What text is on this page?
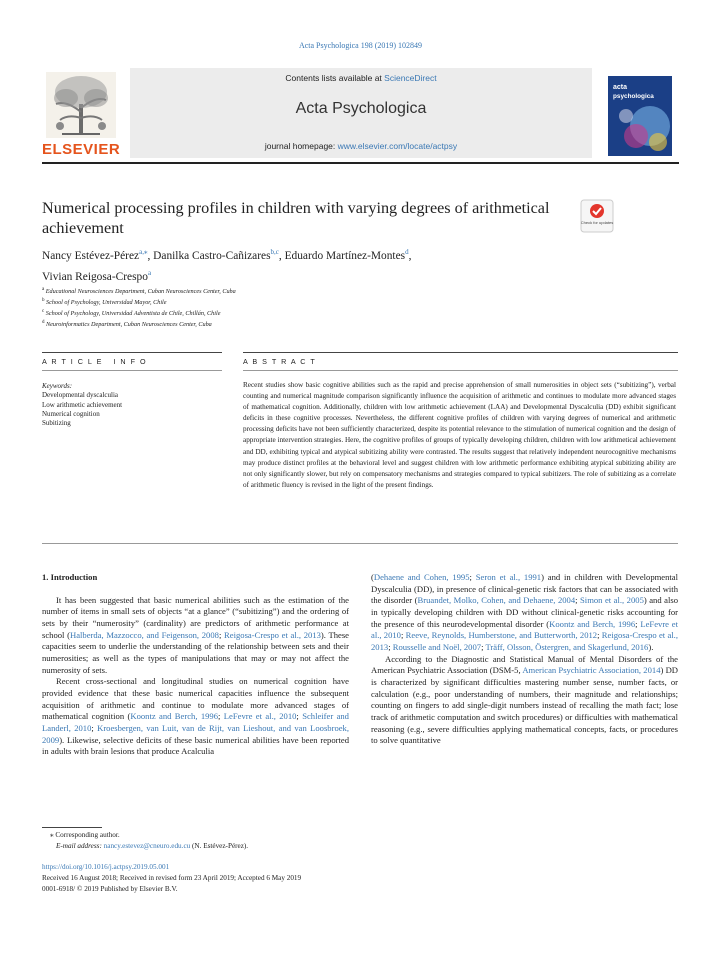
Acta Psychologica 198 (2019) 102849
Contents lists available at ScienceDirect
Acta Psychologica
journal homepage: www.elsevier.com/locate/actpsy
ELSEVIER
acta
psychologica
Numerical processing profiles in children with varying degrees of arithmetical achievement	Check for updates
Nancy Estévez-Pérez$^{a,⁎}$, Danilka Castro-Cañizares$^{b,c}$, Eduardo Martínez-Montes$^d$,
Vivian Reigosa-Crespo$^a$
$^a$ Educational Neurosciences Department, Cuban Neurosciences Center, Cuba
$^b$ School of Psychology, Universidad Mayor, Chile
$^c$ School of Psychology, Universidad Adventista de Chile, Chillán, Chile
$^d$ Neuroinformatics Department, Cuban Neurosciences Center, Cuba
A R T I C L E   I N F O	A B S T R A C T
Keywords:
Developmental dyscalculia
Low arithmetic achievement
Numerical cognition
Subitizing
Recent studies show basic cognitive abilities such as the rapid and precise apprehension of small numerosities in object sets (“subitizing”), verbal counting and numerical magnitude comparison significantly influence the acquisition of arithmetic and continues to modulate more advanced stages of mathematical cognition. Additionally, children with low arithmetic achievement (LAA) and Developmental Dyscalculia (DD) exhibit significant deficits in these cognitive processes. Nevertheless, the different cognitive profiles of children with varying degrees of numerical and arithmetic processing deficits have not been sufficiently characterized, despite its potential relevance to the stimulation of numerical cognition and the design of appropriate intervention strategies. Here, the cognitive profiles of groups of typically developing children, children with low arithmetical achievement and DD, exhibiting typical and atypical subitizing ability were contrasted. The results suggest that relatively independent neurocognitive mechanisms may produce distinct profiles at the behavioral level and suggest children with low arithmetic performance exhibiting atypical subitizing ability are not only significantly slower, but rely on compensatory mechanisms and strategies compared to typical subitizers. The role of subitizing as a correlate of arithmetic fluency is revised in the light of the present findings.

1. Introduction

It has been suggested that basic numerical abilities such as the estimation of the number of items in small sets of objects “at a glance” (“subitizing”) and the ordering of sets by their “numerosity” (cardinality) are predictors of arithmetic performance at school (Halberda, Mazzocco, and Feigenson, 2008; Reigosa-Crespo et al., 2013). These capacities seem to underlie the understanding of the relationship between sets and their numerosities; as well as the types of manipulations that may or may not affect the numerosity of sets.

Recent cross-sectional and longitudinal studies on numerical cognition have provided evidence that these basic numerical capacities influence the subsequent acquisition of arithmetic and continue to modulate more advanced stages of mathematical cognition (Koontz and Berch, 1996; LeFevre et al., 2010; Schleifer and Landerl, 2010; Kroesbergen, van Luit, van de Rijt, van Lieshout, and van Loosbroek, 2009). Likewise, selective deficits of these basic numerical abilities have been reported in adults with brain lesions that produce Acalculia

(Dehaene and Cohen, 1995; Seron et al., 1991) and in children with Developmental Dyscalculia (DD), in presence of clinical-genetic risk factors that can be associated with the disorder (Bruandet, Molko, Cohen, and Dehaene, 2004; Simon et al., 2005) and also in typically developing children with DD without clinical-genetic risks accounting for the presence of this neurodevelopmental disorder (Koontz and Berch, 1996; LeFevre et al., 2010; Reeve, Reynolds, Humberstone, and Butterworth, 2012; Reigosa-Crespo et al., 2013; Rousselle and Noël, 2007; Träff, Olsson, Östergren, and Skagerlund, 2016).

According to the Diagnostic and Statistical Manual of Mental Disorders of the American Psychiatric Association (DSM-5, American Psychiatric Association, 2014) DD is characterized by significant difficulties mastering number sense, number facts, or calculation (e.g., poor understanding of numbers, their magnitude and relationships; counting on fingers to add single-digit numbers instead of recalling the math fact; lose track of arithmetic computation and switch procedures) or difficulties with mathematical reasoning (e.g., severe difficulties applying mathematical concepts, facts, or procedures to solve quantitative

⁎ Corresponding author.
E-mail address: nancy.estevez@cneuro.edu.cu (N. Estévez-Pérez).
https://doi.org/10.1016/j.actpsy.2019.05.001
Received 16 August 2018; Received in revised form 23 April 2019; Accepted 6 May 2019
0001-6918/ © 2019 Published by Elsevier B.V.
